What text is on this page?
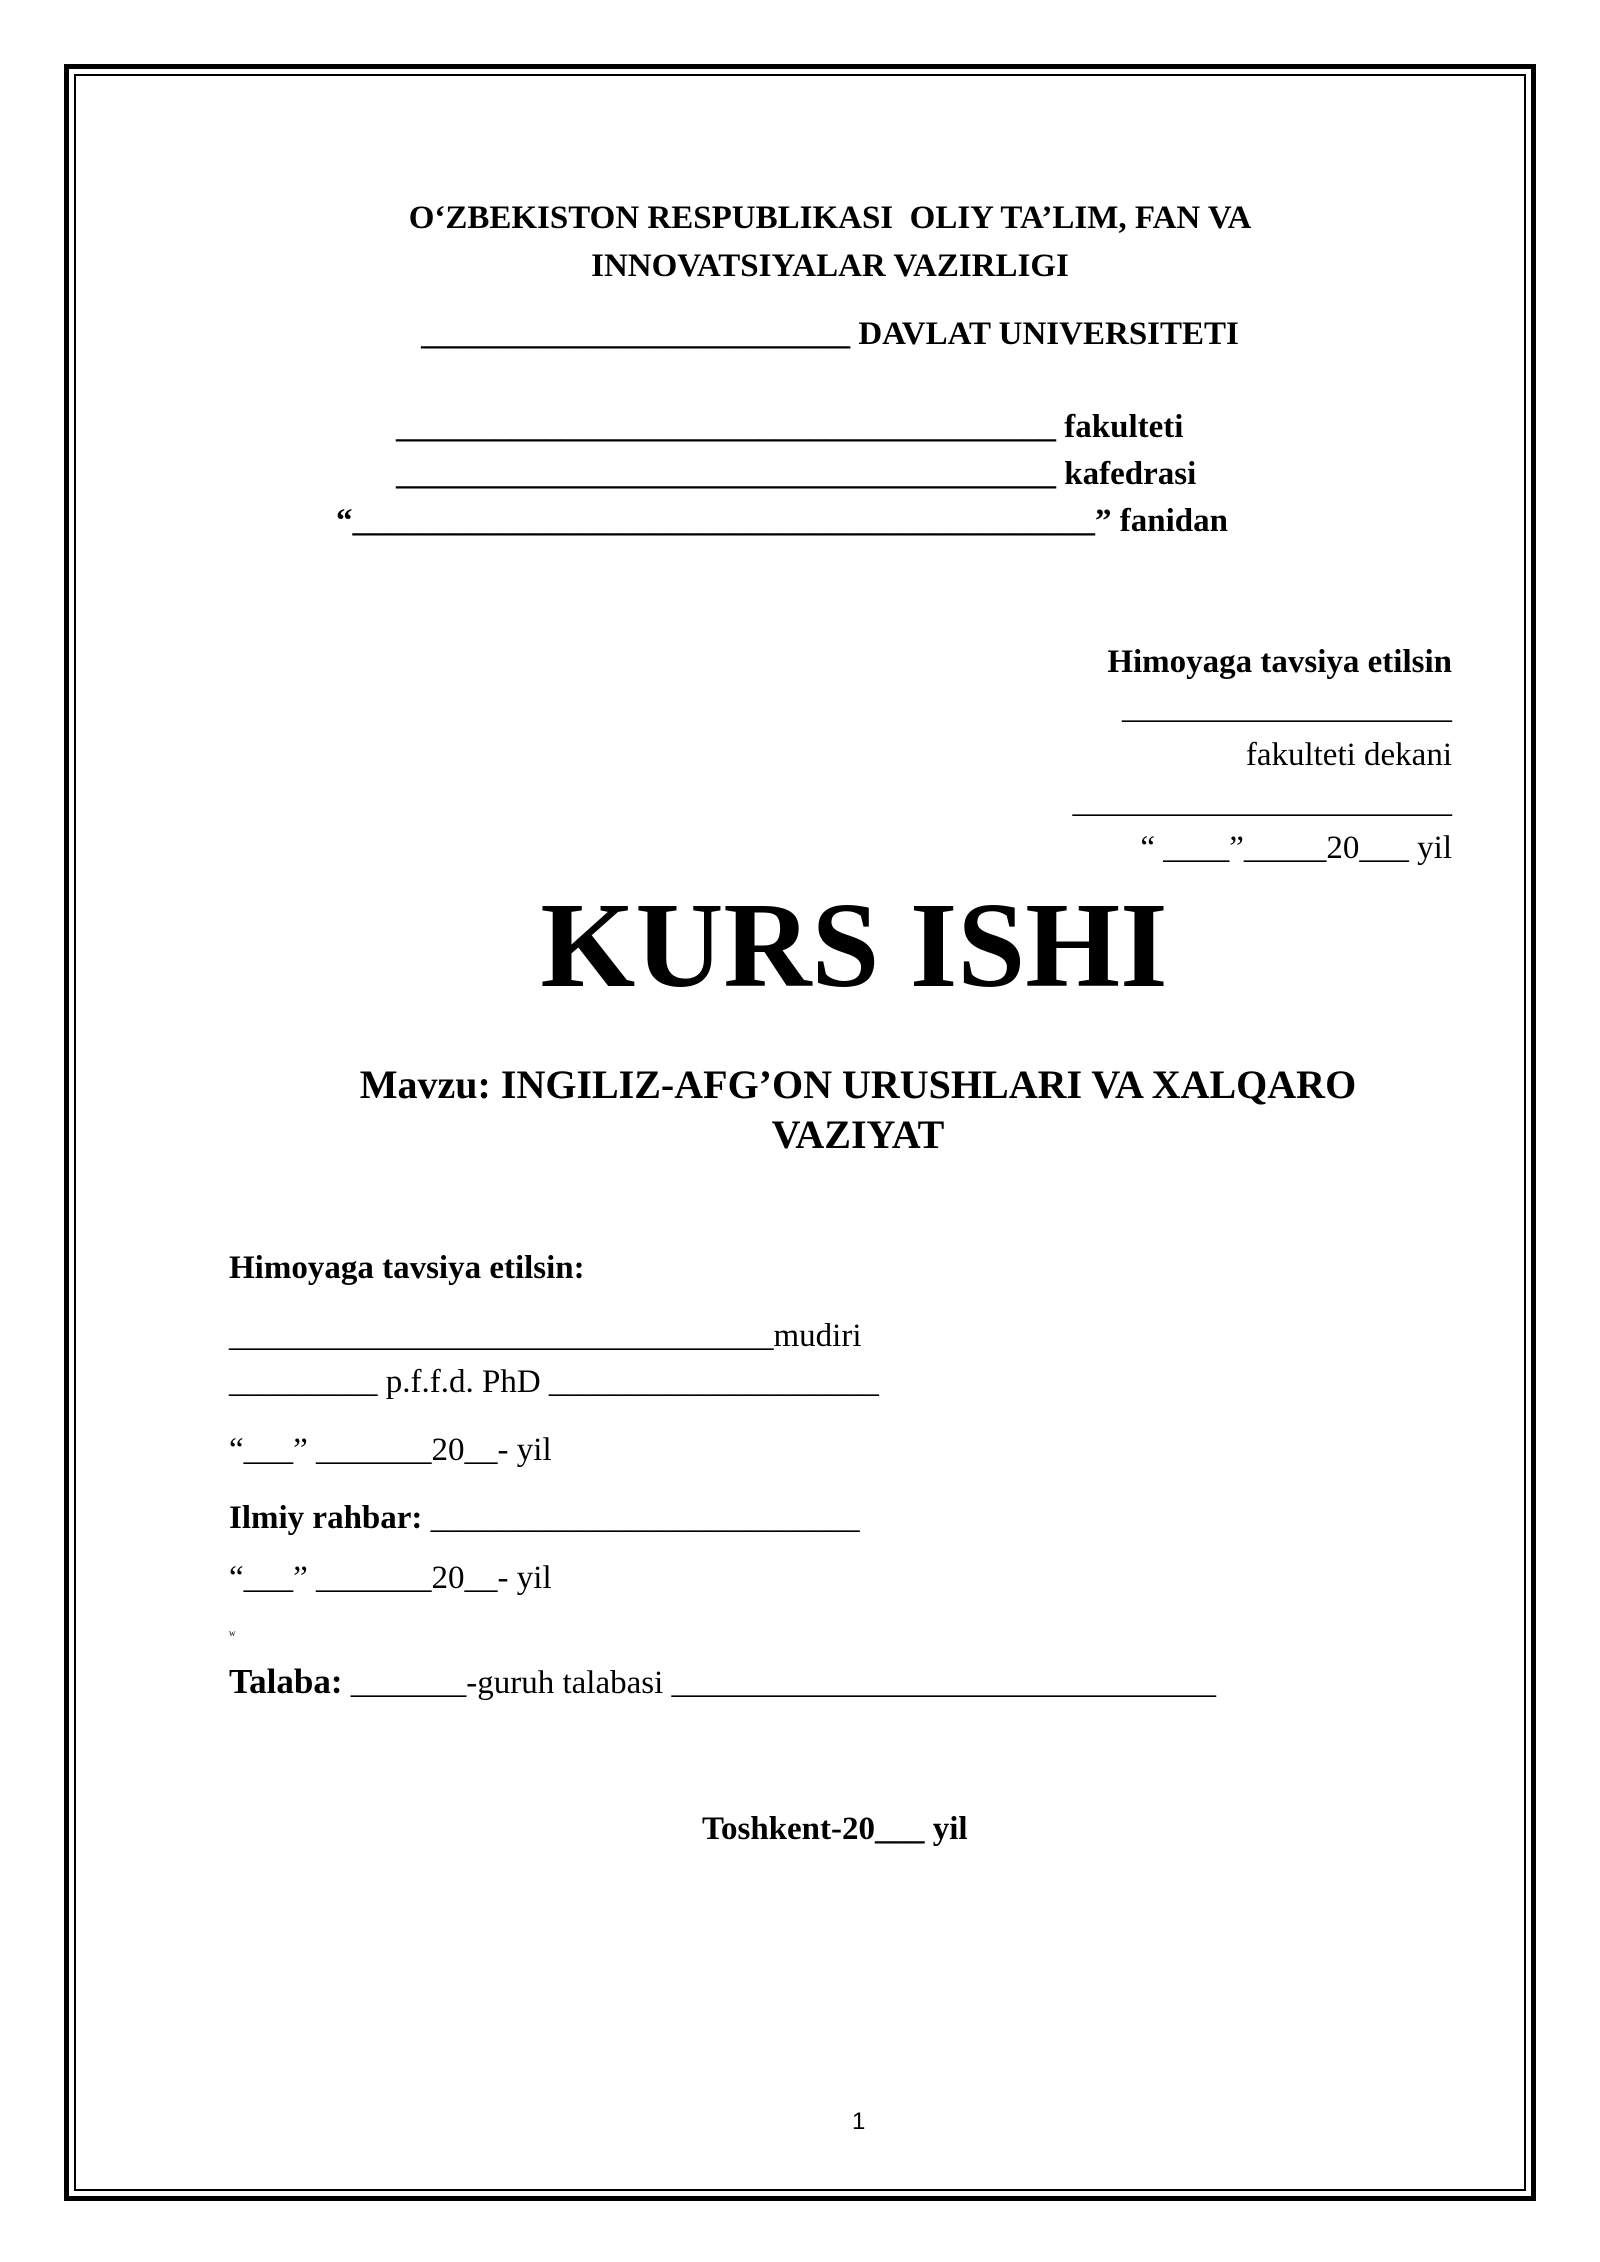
O‘ZBEKISTON RESPUBLIKASI  OLIY TA’LIM, FAN VA
INNOVATSIYALAR VAZIRLIGI
__________________________ DAVLAT UNIVERSITETI
________________________________________ fakulteti
________________________________________ kafedrasi
“_____________________________________________” fanidan
Himoyaga tavsiya etilsin
____________________
fakulteti dekani
_______________________
“ ____”_____20___ yil
KURS ISHI
Mavzu: INGILIZ-AFG’ON URUSHLARI VA XALQARO
VAZIYAT
Himoyaga tavsiya etilsin:
_________________________________mudiri
_________ p.f.f.d. PhD ____________________
“___” _______20__- yil
Ilmiy rahbar: __________________________
“___” _______20__- yil
w
Talaba: _______-guruh talabasi _________________________________
Toshkent-20___ yil
1
